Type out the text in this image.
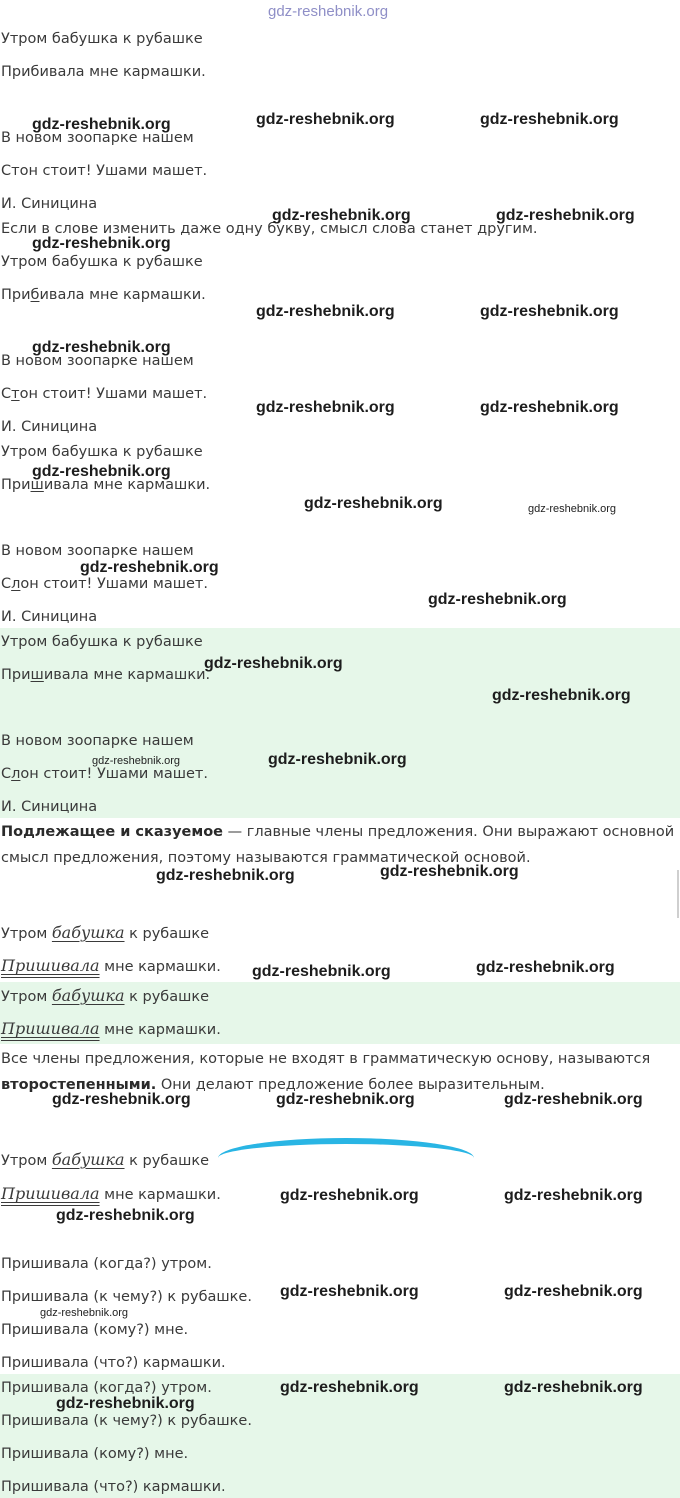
Утром бабушка к рубашке
Прибивала мне кармашки.
В новом зоопарке нашем
Стон стоит! Ушами машет.
И. Синицина
Если в слове изменить даже одну букву, смысл слова станет другим.
Утром бабушка к рубашке
Прибивала мне кармашки.
В новом зоопарке нашем
Стон стоит! Ушами машет.
И. Синицина
Утром бабушка к рубашке
Пришивала мне кармашки.
В новом зоопарке нашем
Слон стоит! Ушами машет.
И. Синицина
Утром бабушка к рубашке
Пришивала мне кармашки.
В новом зоопарке нашем
Слон стоит! Ушами машет.
И. Синицина
Подлежащее и сказуемое — главные члены предложения. Они выражают основной
смысл предложения, поэтому называются грамматической основой.
Утром бабушка к рубашке
Пришивала мне кармашки.
Утром бабушка к рубашке
Пришивала мне кармашки.
Все члены предложения, которые не входят в грамматическую основу, называются
второстепенными. Они делают предложение более выразительным.
Утром бабушка к рубашке
Пришивала мне кармашки.
Пришивала (когда?) утром.
Пришивала (к чему?) к рубашке.
Пришивала (кому?) мне.
Пришивала (что?) кармашки.
Пришивала (когда?) утром.
Пришивала (к чему?) к рубашке.
Пришивала (кому?) мне.
Пришивала (что?) кармашки.
gdz-reshebnik.org
gdz-reshebnik.org	gdz-reshebnik.org	gdz-reshebnik.org
gdz-reshebnik.org	gdz-reshebnik.org
gdz-reshebnik.org
gdz-reshebnik.org	gdz-reshebnik.org
gdz-reshebnik.org
gdz-reshebnik.org	gdz-reshebnik.org
gdz-reshebnik.org
gdz-reshebnik.org	gdz-reshebnik.org
gdz-reshebnik.org
gdz-reshebnik.org
gdz-reshebnik.org
gdz-reshebnik.org
gdz-reshebnik.org	gdz-reshebnik.org
gdz-reshebnik.org	gdz-reshebnik.org
gdz-reshebnik.org	gdz-reshebnik.org
gdz-reshebnik.org	gdz-reshebnik.org	gdz-reshebnik.org
gdz-reshebnik.org	gdz-reshebnik.org
gdz-reshebnik.org
gdz-reshebnik.org	gdz-reshebnik.org
gdz-reshebnik.org
gdz-reshebnik.org	gdz-reshebnik.org
gdz-reshebnik.org
